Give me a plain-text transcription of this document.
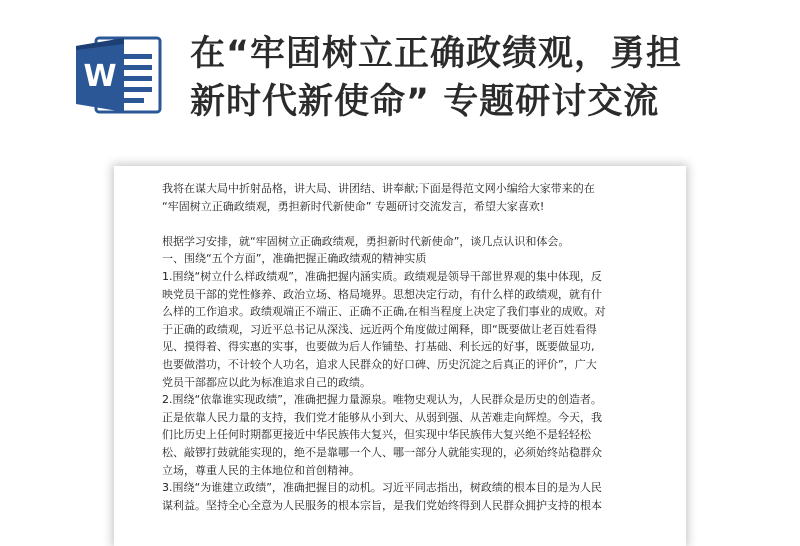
W
在“牢固树立正确政绩观，勇担
新时代新使命” 专题研讨交流
我将在谋大局中折射品格，讲大局、讲团结、讲奉献;下面是得范文网小编给大家带来的在
“牢固树立正确政绩观，勇担新时代新使命” 专题研讨交流发言，希望大家喜欢!
根据学习安排，就“牢固树立正确政绩观，勇担新时代新使命”，谈几点认识和体会。
一、围绕“五个方面”，准确把握正确政绩观的精神实质
1.围绕“树立什么样政绩观”，准确把握内涵实质。政绩观是领导干部世界观的集中体现，反
映党员干部的党性修养、政治立场、格局境界。思想决定行动，有什么样的政绩观，就有什
么样的工作追求。政绩观端正不端正、正确不正确,在相当程度上决定了我们事业的成败。对
于正确的政绩观，习近平总书记从深浅、远近两个角度做过阐释，即“既要做让老百姓看得
见、摸得着、得实惠的实事，也要做为后人作铺垫、打基础、利长远的好事，既要做显功,
也要做潜功，不计较个人功名，追求人民群众的好口碑、历史沉淀之后真正的评价”，广大
党员干部都应以此为标准追求自己的政绩。
2.围绕“依靠谁实现政绩”，准确把握力量源泉。唯物史观认为，人民群众是历史的创造者。
正是依靠人民力量的支持，我们党才能够从小到大、从弱到强、从苦难走向辉煌。今天，我
们比历史上任何时期都更接近中华民族伟大复兴，但实现中华民族伟大复兴绝不是轻轻松
松、敲锣打鼓就能实现的，绝不是靠哪一个人、哪一部分人就能实现的，必须始终站稳群众
立场，尊重人民的主体地位和首创精神。
3.围绕“为谁建立政绩”，准确把握目的动机。习近平同志指出，树政绩的根本目的是为人民
谋利益。坚持全心全意为人民服务的根本宗旨，是我们党始终得到人民群众拥护支持的根本
